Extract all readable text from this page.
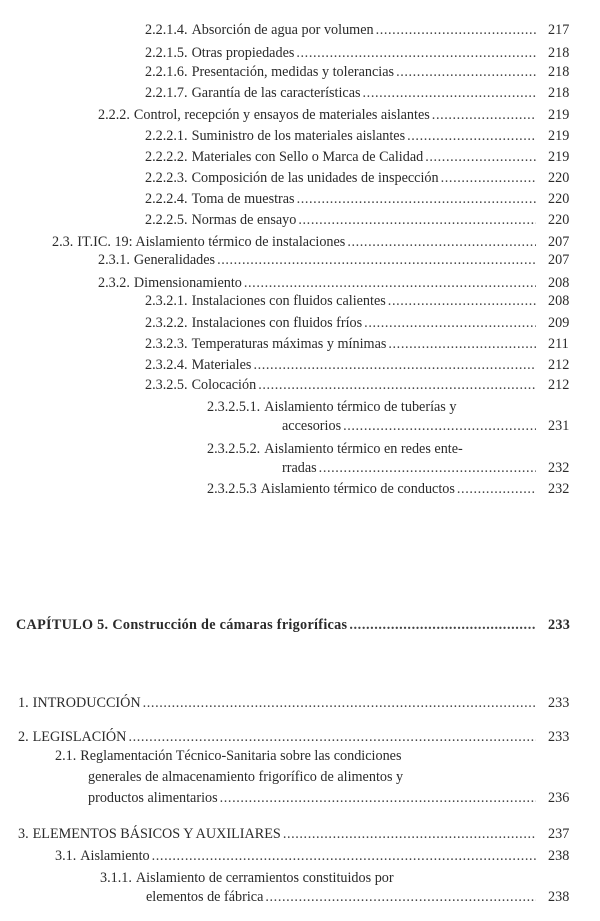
217
2.2.1.4. Absorción de agua por volumen
.....
218
2.2.1.5. Otras propiedades
.....
218
2.2.1.6. Presentación, medidas y tolerancias
.....
218
2.2.1.7. Garantía de las características
.....
219
2.2.2. Control, recepción y ensayos de materiales aislantes
.....
219
2.2.2.1. Suministro de los materiales aislantes
.....
219
2.2.2.2. Materiales con Sello o Marca de Calidad
.....
220
2.2.2.3. Composición de las unidades de inspección
.....
220
2.2.2.4. Toma de muestras
.....
220
2.2.2.5. Normas de ensayo
.....
207
2.3. IT.IC. 19: Aislamiento térmico de instalaciones
.....
207
2.3.1. Generalidades
.....
208
2.3.2. Dimensionamiento
.....
208
2.3.2.1. Instalaciones con fluidos calientes
.....
209
2.3.2.2. Instalaciones con fluidos fríos
.....
211
2.3.2.3. Temperaturas máximas y mínimas
.....
212
2.3.2.4. Materiales
.....
212
2.3.2.5. Colocación
.....
2.3.2.5.1. Aislamiento térmico de tuberías y
231
accesorios
.....
2.3.2.5.2. Aislamiento térmico en redes ente-
232
rradas
.....
232
2.3.2.5.3 Aislamiento térmico de conductos
.....
233
CAPÍTULO 5. Construcción de cámaras frigoríficas
.....
233
1. INTRODUCCIÓN
.....
233
2. LEGISLACIÓN
.....
2.1. Reglamentación Técnico-Sanitaria sobre las condiciones
generales de almacenamiento frigorífico de alimentos y
236
productos alimentarios
.....
237
3. ELEMENTOS BÁSICOS Y AUXILIARES
.....
238
3.1. Aislamiento
.....
3.1.1. Aislamiento de cerramientos constituidos por
238
elementos de fábrica
.....
